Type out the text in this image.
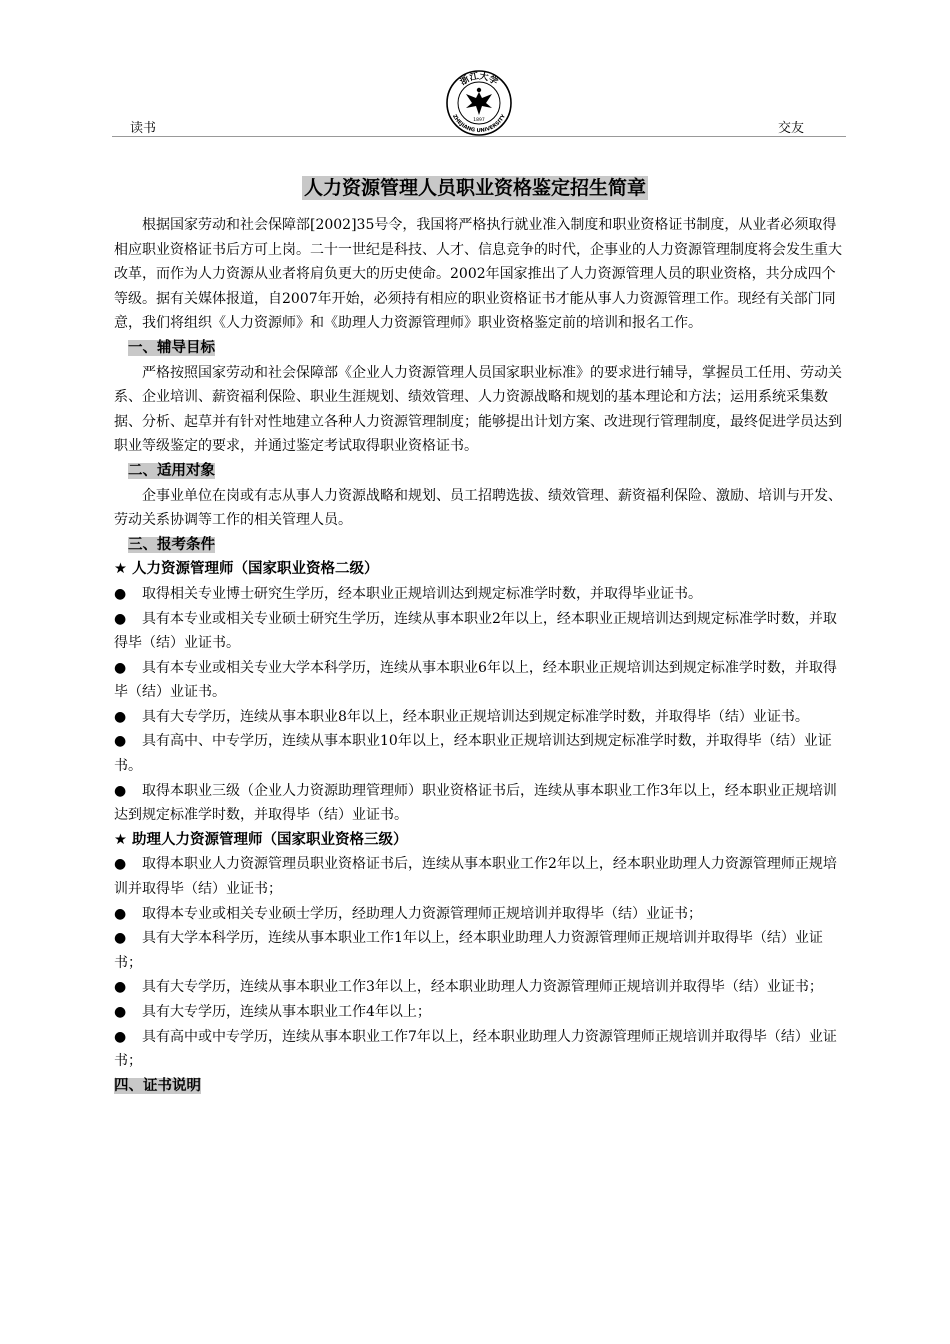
读书	交友
浙江大学
ZHEJIANG UNIVERSITY
1897
人力资源管理人员职业资格鉴定招生简章

根据国家劳动和社会保障部[2002]35号令，我国将严格执行就业准入制度和职业资格证书制度，从业者必须取得相应职业资格证书后方可上岗。二十一世纪是科技、人才、信息竞争的时代，企事业的人力资源管理制度将会发生重大改革，而作为人力资源从业者将肩负更大的历史使命。2002年国家推出了人力资源管理人员的职业资格，共分成四个等级。据有关媒体报道，自2007年开始，必须持有相应的职业资格证书才能从事人力资源管理工作。现经有关部门同意，我们将组织《人力资源师》和《助理人力资源管理师》职业资格鉴定前的培训和报名工作。

一、辅导目标

严格按照国家劳动和社会保障部《企业人力资源管理人员国家职业标准》的要求进行辅导，掌握员工任用、劳动关系、企业培训、薪资福利保险、职业生涯规划、绩效管理、人力资源战略和规划的基本理论和方法；运用系统采集数据、分析、起草并有针对性地建立各种人力资源管理制度；能够提出计划方案、改进现行管理制度，最终促进学员达到职业等级鉴定的要求，并通过鉴定考试取得职业资格证书。

二、适用对象

企事业单位在岗或有志从事人力资源战略和规划、员工招聘选拔、绩效管理、薪资福利保险、激励、培训与开发、劳动关系协调等工作的相关管理人员。

三、报考条件

★ 人力资源管理师（国家职业资格二级）

● 取得相关专业博士研究生学历，经本职业正规培训达到规定标准学时数，并取得毕业证书。

● 具有本专业或相关专业硕士研究生学历，连续从事本职业2年以上，经本职业正规培训达到规定标准学时数，并取得毕（结）业证书。

● 具有本专业或相关专业大学本科学历，连续从事本职业6年以上，经本职业正规培训达到规定标准学时数，并取得毕（结）业证书。

● 具有大专学历，连续从事本职业8年以上，经本职业正规培训达到规定标准学时数，并取得毕（结）业证书。

● 具有高中、中专学历，连续从事本职业10年以上，经本职业正规培训达到规定标准学时数，并取得毕（结）业证书。

● 取得本职业三级（企业人力资源助理管理师）职业资格证书后，连续从事本职业工作3年以上，经本职业正规培训达到规定标准学时数，并取得毕（结）业证书。

★ 助理人力资源管理师（国家职业资格三级）

● 取得本职业人力资源管理员职业资格证书后，连续从事本职业工作2年以上，经本职业助理人力资源管理师正规培训并取得毕（结）业证书；

● 取得本专业或相关专业硕士学历，经助理人力资源管理师正规培训并取得毕（结）业证书；

● 具有大学本科学历，连续从事本职业工作1年以上，经本职业助理人力资源管理师正规培训并取得毕（结）业证书；

● 具有大专学历，连续从事本职业工作3年以上，经本职业助理人力资源管理师正规培训并取得毕（结）业证书；

● 具有大专学历，连续从事本职业工作4年以上；

● 具有高中或中专学历，连续从事本职业工作7年以上，经本职业助理人力资源管理师正规培训并取得毕（结）业证书；

四、证书说明
